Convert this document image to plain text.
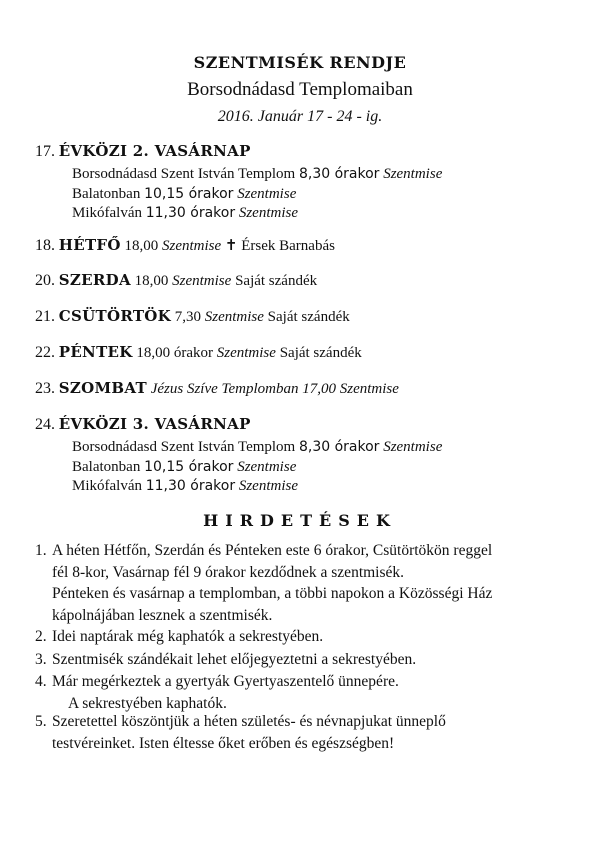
SZENTMISÉK RENDJE
Borsodnádasd Templomaiban
2016. Január 17 - 24 - ig.
17. ÉVKÖZI 2. VASÁRNAP
Borsodnádasd Szent István Templom 8,30 órakor Szentmise
Balatonban 10,15 órakor Szentmise
Mikófalván 11,30 órakor Szentmise
18. HÉTFŐ 18,00 Szentmise ✝ Érsek Barnabás
20. SZERDA 18,00 Szentmise Saját szándék
21. CSÜTÖRTÖK 7,30 Szentmise Saját szándék
22. PÉNTEK 18,00 órakor Szentmise Saját szándék
23. SZOMBAT Jézus Szíve Templomban 17,00 Szentmise
24. ÉVKÖZI 3. VASÁRNAP
Borsodnádasd Szent István Templom 8,30 órakor Szentmise
Balatonban 10,15 órakor Szentmise
Mikófalván 11,30 órakor Szentmise
HIRDETÉSEK
1. A héten Hétfőn, Szerdán és Pénteken este 6 órakor, Csütörtökön reggel
fél 8-kor, Vasárnap fél 9 órakor kezdődnek a szentmisék.
Pénteken és vasárnap a templomban, a többi napokon a Közösségi Ház
kápolnájában lesznek a szentmisék.
2. Idei naptárak még kaphatók a sekrestyében.
3. Szentmisék szándékait lehet előjegyeztetni a sekrestyében.
4. Már megérkeztek a gyertyák Gyertyaszentelő ünnepére.
A sekrestyében kaphatók.
5. Szeretettel köszöntjük a héten születés- és névnapjukat ünneplő
testvéreinket. Isten éltesse őket erőben és egészségben!
